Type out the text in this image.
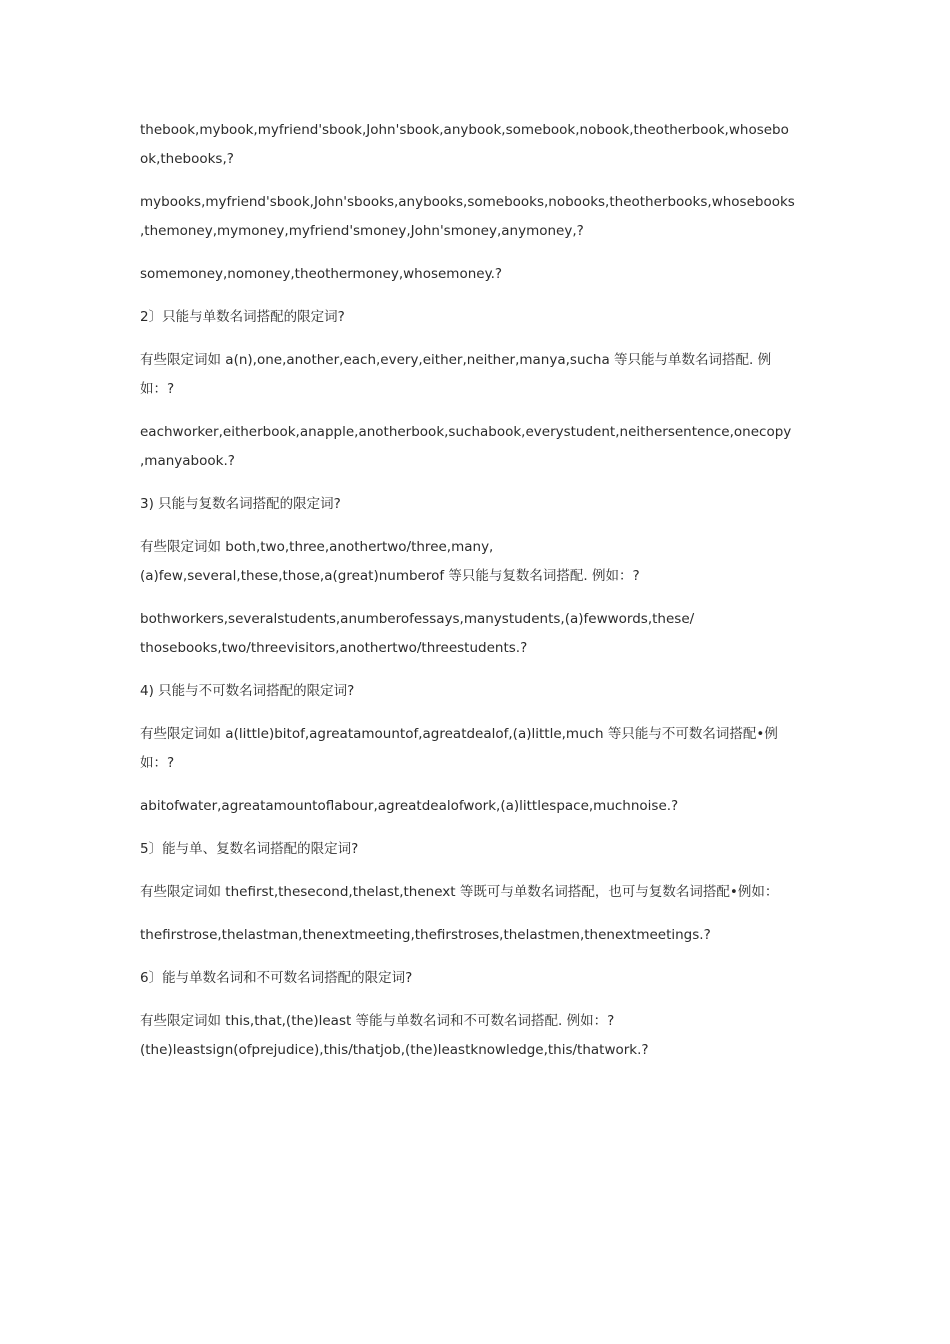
thebook,mybook,myfriend'sbook,John'sbook,anybook,somebook,nobook,theotherbook,whosebo
ok,thebooks,?

mybooks,myfriend'sbook,John'sbooks,anybooks,somebooks,nobooks,theotherbooks,whosebooks
,themoney,mymoney,myfriend'smoney,John'smoney,anymoney,?

somemoney,nomoney,theothermoney,whosemoney.?

2〕只能与单数名词搭配的限定词?

有些限定词如 a(n),one,another,each,every,either,neither,manya,sucha 等只能与单数名词搭配. 例
如：?

eachworker,eitherbook,anapple,anotherbook,suchabook,everystudent,neithersentence,onecopy
,manyabook.?

3) 只能与复数名词搭配的限定词?

有些限定词如 both,two,three,anothertwo/three,many,
(a)few,several,these,those,a(great)numberof 等只能与复数名词搭配. 例如：?

bothworkers,severalstudents,anumberofessays,manystudents,(a)fewwords,these/
thosebooks,two/threevisitors,anothertwo/threestudents.?

4) 只能与不可数名词搭配的限定词?

有些限定词如 a(little)bitof,agreatamountof,agreatdealof,(a)little,much 等只能与不可数名词搭配•例
如：?

abitofwater,agreatamountoflabour,agreatdealofwork,(a)littlespace,muchnoise.?

5〕能与单、复数名词搭配的限定词?

有些限定词如 thefirst,thesecond,thelast,thenext 等既可与单数名词搭配，也可与复数名词搭配•例如：

thefirstrose,thelastman,thenextmeeting,thefirstroses,thelastmen,thenextmeetings.?

6〕能与单数名词和不可数名词搭配的限定词?

有些限定词如 this,that,(the)least 等能与单数名词和不可数名词搭配. 例如：?
(the)leastsign(ofprejudice),this/thatjob,(the)leastknowledge,this/thatwork.?
